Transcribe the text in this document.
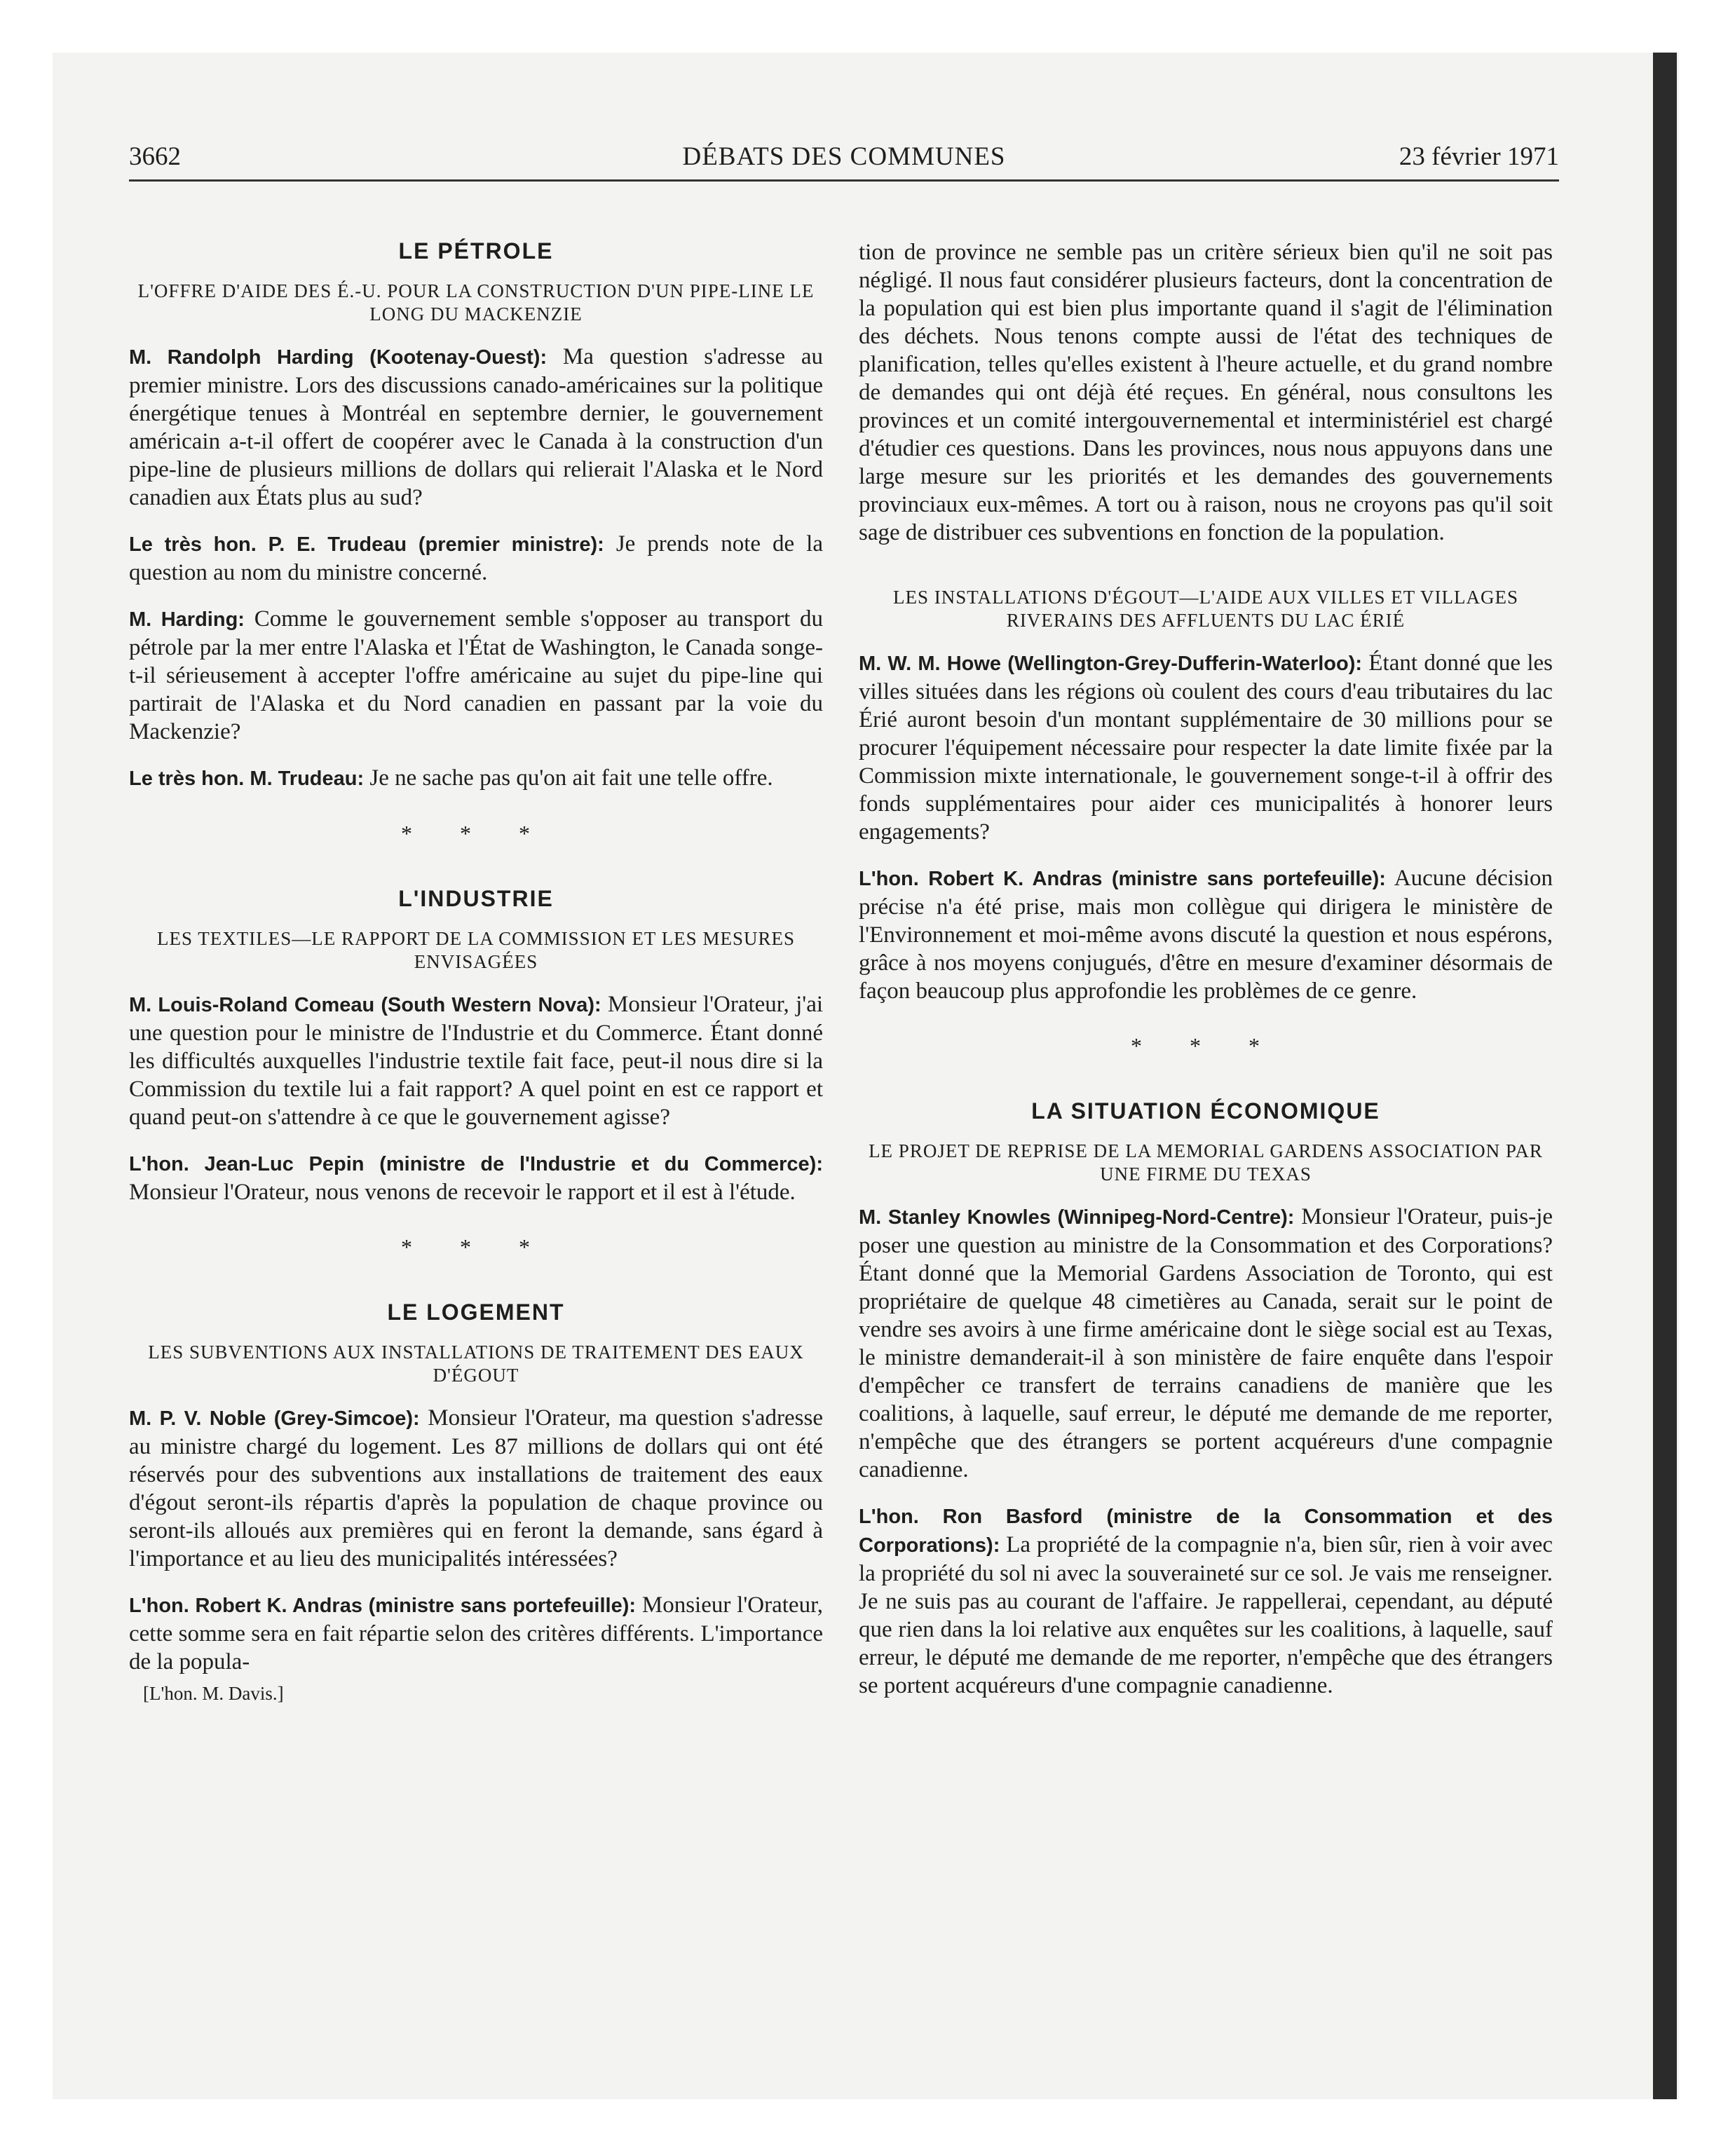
3662	DÉBATS DES COMMUNES	23 février 1971
LE PÉTROLE
L'OFFRE D'AIDE DES É.-U. POUR LA CONSTRUCTION D'UN PIPE-LINE LE LONG DU MACKENZIE

M. Randolph Harding (Kootenay-Ouest): Ma question s'adresse au premier ministre. Lors des discussions canado-américaines sur la politique énergétique tenues à Montréal en septembre dernier, le gouvernement américain a-t-il offert de coopérer avec le Canada à la construction d'un pipe-line de plusieurs millions de dollars qui relierait l'Alaska et le Nord canadien aux États plus au sud?

Le très hon. P. E. Trudeau (premier ministre): Je prends note de la question au nom du ministre concerné.

M. Harding: Comme le gouvernement semble s'opposer au transport du pétrole par la mer entre l'Alaska et l'État de Washington, le Canada songe-t-il sérieusement à accepter l'offre américaine au sujet du pipe-line qui partirait de l'Alaska et du Nord canadien en passant par la voie du Mackenzie?

Le très hon. M. Trudeau: Je ne sache pas qu'on ait fait une telle offre.

* * *
L'INDUSTRIE
LES TEXTILES—LE RAPPORT DE LA COMMISSION ET LES MESURES ENVISAGÉES

M. Louis-Roland Comeau (South Western Nova): Monsieur l'Orateur, j'ai une question pour le ministre de l'Industrie et du Commerce. Étant donné les difficultés auxquelles l'industrie textile fait face, peut-il nous dire si la Commission du textile lui a fait rapport? A quel point en est ce rapport et quand peut-on s'attendre à ce que le gouvernement agisse?

L'hon. Jean-Luc Pepin (ministre de l'Industrie et du Commerce): Monsieur l'Orateur, nous venons de recevoir le rapport et il est à l'étude.

* * *
LE LOGEMENT
LES SUBVENTIONS AUX INSTALLATIONS DE TRAITEMENT DES EAUX D'ÉGOUT

M. P. V. Noble (Grey-Simcoe): Monsieur l'Orateur, ma question s'adresse au ministre chargé du logement. Les 87 millions de dollars qui ont été réservés pour des subventions aux installations de traitement des eaux d'égout seront-ils répartis d'après la population de chaque province ou seront-ils alloués aux premières qui en feront la demande, sans égard à l'importance et au lieu des municipalités intéressées?

L'hon. Robert K. Andras (ministre sans portefeuille): Monsieur l'Orateur, cette somme sera en fait répartie selon des critères différents. L'importance de la popula-

[L'hon. M. Davis.]

tion de province ne semble pas un critère sérieux bien qu'il ne soit pas négligé. Il nous faut considérer plusieurs facteurs, dont la concentration de la population qui est bien plus importante quand il s'agit de l'élimination des déchets. Nous tenons compte aussi de l'état des techniques de planification, telles qu'elles existent à l'heure actuelle, et du grand nombre de demandes qui ont déjà été reçues. En général, nous consultons les provinces et un comité intergouvernemental et interministériel est chargé d'étudier ces questions. Dans les provinces, nous nous appuyons dans une large mesure sur les priorités et les demandes des gouvernements provinciaux eux-mêmes. A tort ou à raison, nous ne croyons pas qu'il soit sage de distribuer ces subventions en fonction de la population.

LES INSTALLATIONS D'ÉGOUT—L'AIDE AUX VILLES ET VILLAGES RIVERAINS DES AFFLUENTS DU LAC ÉRIÉ

M. W. M. Howe (Wellington-Grey-Dufferin-Waterloo): Étant donné que les villes situées dans les régions où coulent des cours d'eau tributaires du lac Érié auront besoin d'un montant supplémentaire de 30 millions pour se procurer l'équipement nécessaire pour respecter la date limite fixée par la Commission mixte internationale, le gouvernement songe-t-il à offrir des fonds supplémentaires pour aider ces municipalités à honorer leurs engagements?

L'hon. Robert K. Andras (ministre sans portefeuille): Aucune décision précise n'a été prise, mais mon collègue qui dirigera le ministère de l'Environnement et moi-même avons discuté la question et nous espérons, grâce à nos moyens conjugués, d'être en mesure d'examiner désormais de façon beaucoup plus approfondie les problèmes de ce genre.

* * *
LA SITUATION ÉCONOMIQUE
LE PROJET DE REPRISE DE LA MEMORIAL GARDENS ASSOCIATION PAR UNE FIRME DU TEXAS

M. Stanley Knowles (Winnipeg-Nord-Centre): Monsieur l'Orateur, puis-je poser une question au ministre de la Consommation et des Corporations? Étant donné que la Memorial Gardens Association de Toronto, qui est propriétaire de quelque 48 cimetières au Canada, serait sur le point de vendre ses avoirs à une firme américaine dont le siège social est au Texas, le ministre demanderait-il à son ministère de faire enquête dans l'espoir d'empêcher ce transfert de terrains canadiens de manière que les coalitions, à laquelle, sauf erreur, le député me demande de me reporter, n'empêche que des étrangers se portent acquéreurs d'une compagnie canadienne.

L'hon. Ron Basford (ministre de la Consommation et des Corporations): La propriété de la compagnie n'a, bien sûr, rien à voir avec la propriété du sol ni avec la souveraineté sur ce sol. Je vais me renseigner. Je ne suis pas au courant de l'affaire. Je rappellerai, cependant, au député que rien dans la loi relative aux enquêtes sur les coalitions, à laquelle, sauf erreur, le député me demande de me reporter, n'empêche que des étrangers se portent acquéreurs d'une compagnie canadienne.
